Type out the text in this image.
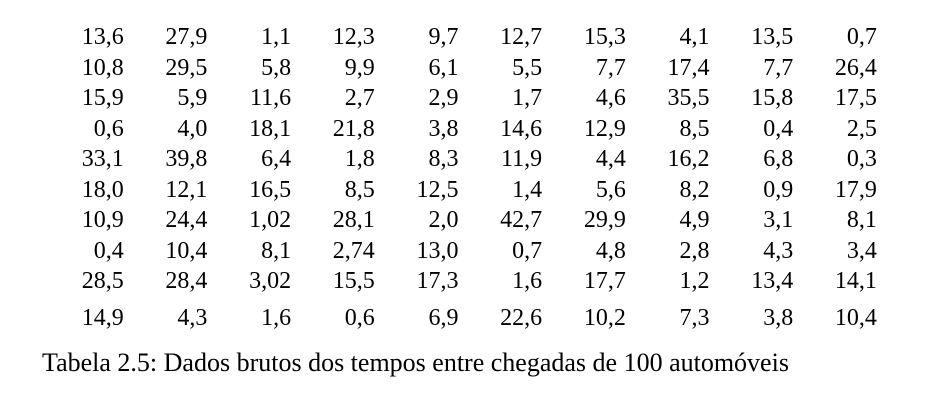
13,6	27,9	1,1	12,3	9,7	12,7	15,3	4,1	13,5	0,7
10,8	29,5	5,8	9,9	6,1	5,5	7,7	17,4	7,7	26,4
15,9	5,9	11,6	2,7	2,9	1,7	4,6	35,5	15,8	17,5
0,6	4,0	18,1	21,8	3,8	14,6	12,9	8,5	0,4	2,5
33,1	39,8	6,4	1,8	8,3	11,9	4,4	16,2	6,8	0,3
18,0	12,1	16,5	8,5	12,5	1,4	5,6	8,2	0,9	17,9
10,9	24,4	1,02	28,1	2,0	42,7	29,9	4,9	3,1	8,1
0,4	10,4	8,1	2,74	13,0	0,7	4,8	2,8	4,3	3,4
28,5	28,4	3,02	15,5	17,3	1,6	17,7	1,2	13,4	14,1
14,9	4,3	1,6	0,6	6,9	22,6	10,2	7,3	3,8	10,4
Tabela 2.5: Dados brutos dos tempos entre chegadas de 100 automóveis
